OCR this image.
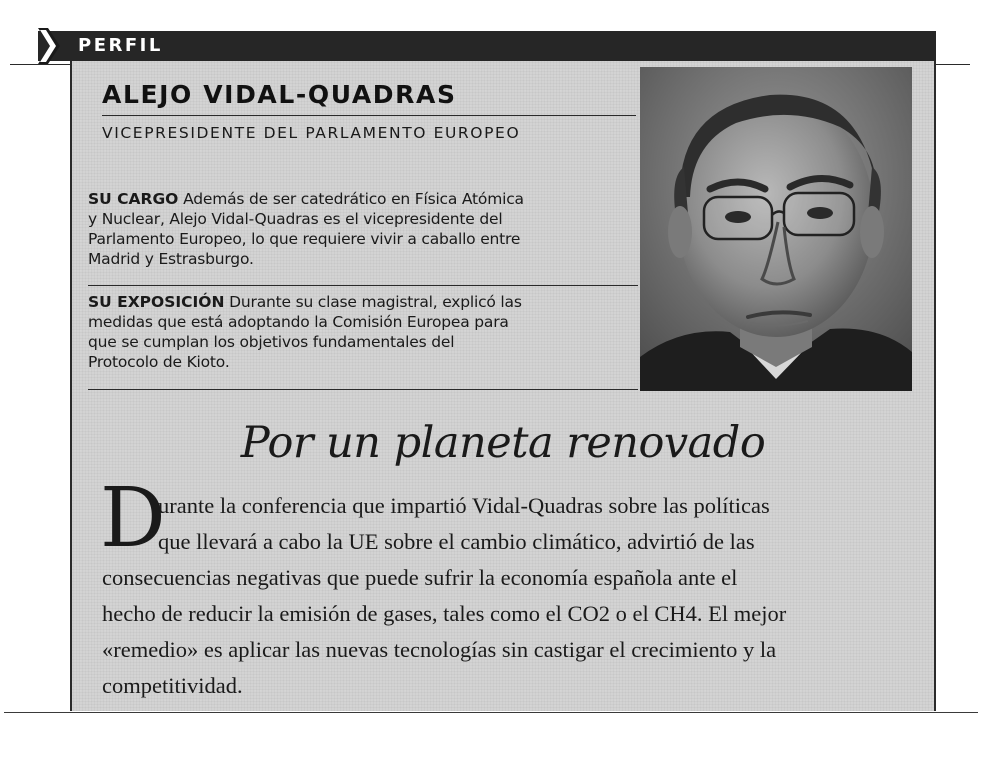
PERFIL
ALEJO VIDAL-QUADRAS
VICEPRESIDENTE DEL PARLAMENTO EUROPEO
SU CARGO Además de ser catedrático en Física Atómica
y Nuclear, Alejo Vidal-Quadras es el vicepresidente del
Parlamento Europeo, lo que requiere vivir a caballo entre
Madrid y Estrasburgo.
SU EXPOSICIÓN Durante su clase magistral, explicó las
medidas que está adoptando la Comisión Europea para
que se cumplan los objetivos fundamentales del
Protocolo de Kioto.
Por un planeta renovado
D
urante la conferencia que impartió Vidal-Quadras sobre las políticas
que llevará a cabo la UE sobre el cambio climático, advirtió de las
consecuencias negativas que puede sufrir la economía española ante el
hecho de reducir la emisión de gases, tales como el CO2 o el CH4. El mejor
«remedio» es aplicar las nuevas tecnologías sin castigar el crecimiento y la
competitividad.
